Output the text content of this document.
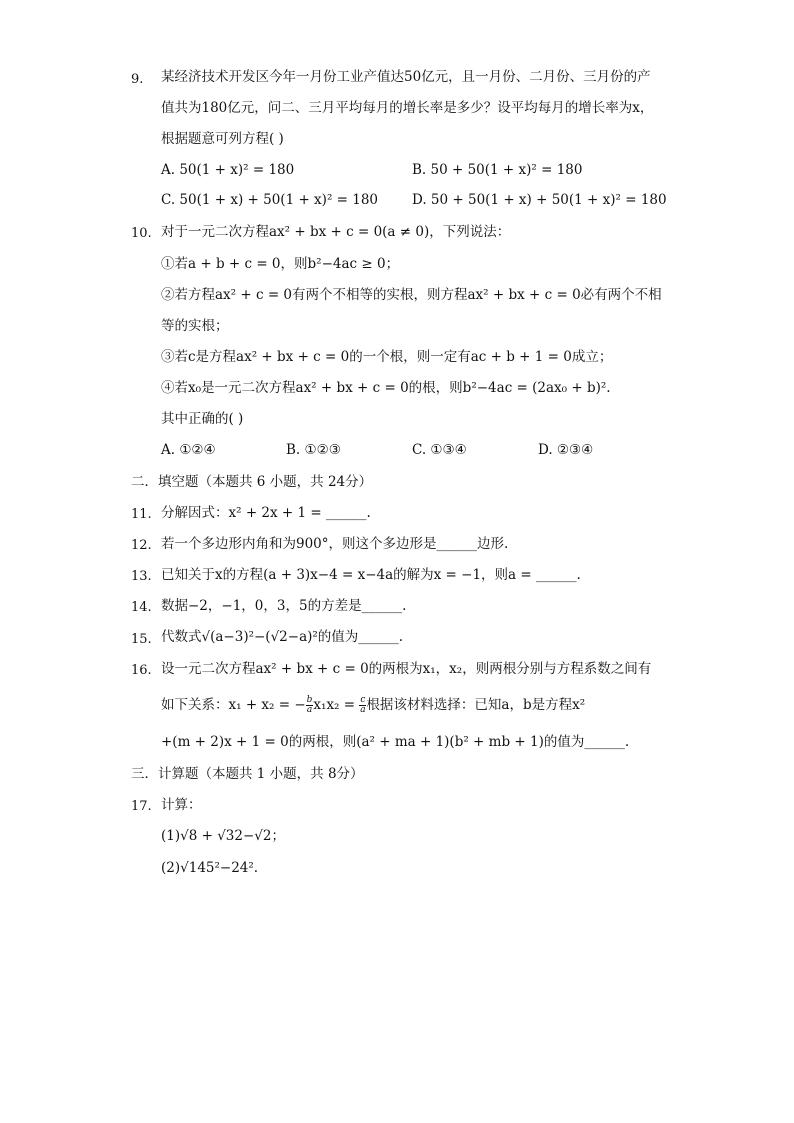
9. 某经济技术开发区今年一月份工业产值达50亿元，且一月份、二月份、三月份的产
值共为180亿元，问二、三月平均每月的增长率是多少？设平均每月的增长率为x，
根据题意可列方程( )
A. 50(1 + x)² = 180	B. 50 + 50(1 + x)² = 180
C. 50(1 + x) + 50(1 + x)² = 180	D. 50 + 50(1 + x) + 50(1 + x)² = 180
10. 对于一元二次方程ax² + bx + c = 0(a ≠ 0)，下列说法：
①若a + b + c = 0，则b²−4ac ≥ 0；
②若方程ax² + c = 0有两个不相等的实根，则方程ax² + bx + c = 0必有两个不相
等的实根；
③若c是方程ax² + bx + c = 0的一个根，则一定有ac + b + 1 = 0成立；
④若x₀是一元二次方程ax² + bx + c = 0的根，则b²−4ac = (2ax₀ + b)².
其中正确的( )
A. ①②④	B. ①②③	C. ①③④	D. ②③④
二．填空题（本题共 6 小题，共 24分）
11. 分解因式：x² + 2x + 1 = ______.
12. 若一个多边形内角和为900°，则这个多边形是______边形.
13. 已知关于x的方程(a + 3)x−4 = x−4a的解为x = −1，则a = ______.
14. 数据−2，−1，0，3，5的方差是______.
15. 代数式√(a−3)²−(√2−a)²的值为______.
16. 设一元二次方程ax² + bx + c = 0的两根为x₁，x₂，则两根分别与方程系数之间有
如下关系：x₁ + x₂ = − $\frac{b}{a} x_1x_2 = \frac{c}{a}$ 根据该材料选择：已知a，b是方程x²
+(m + 2)x + 1 = 0的两根，则(a² + ma + 1)(b² + mb + 1)的值为______.
三．计算题（本题共 1 小题，共 8分）
17. 计算：
(1)√8 + √32−√2；
(2)√145²−24².
